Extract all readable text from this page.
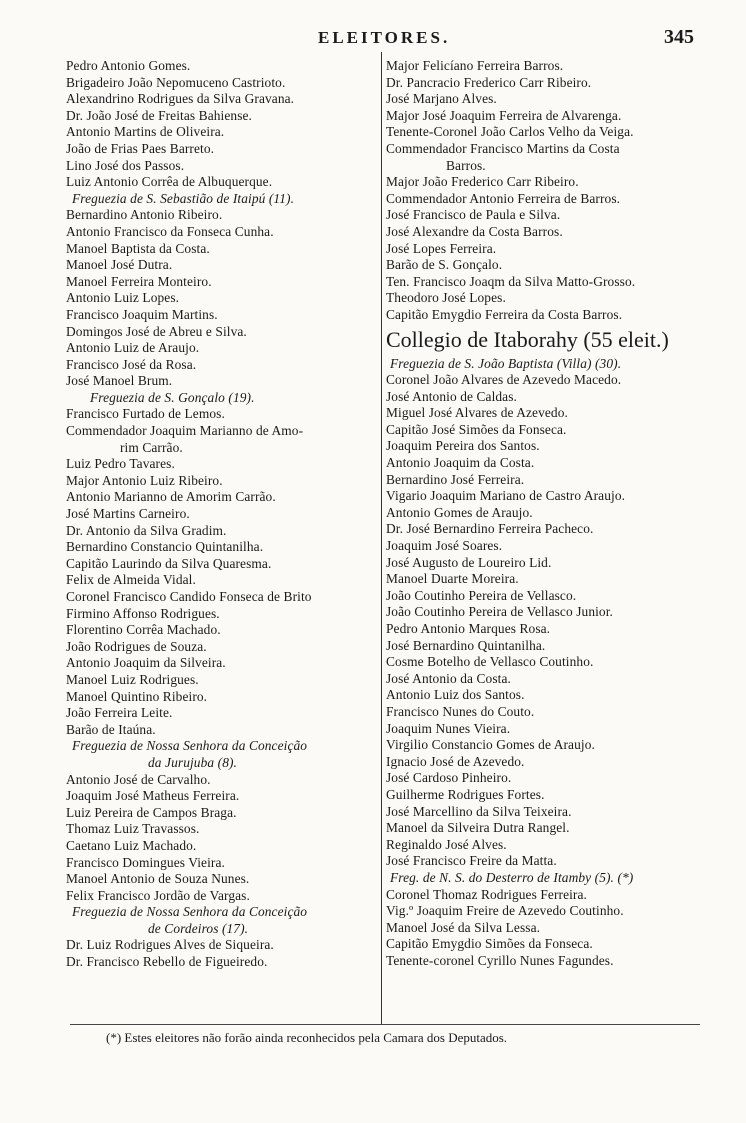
ELEITORES.	345
Pedro Antonio Gomes.
Brigadeiro João Nepomuceno Castrioto.
Alexandrino Rodrigues da Silva Gravana.
Dr. João José de Freitas Bahiense.
Antonio Martins de Oliveira.
João de Frias Paes Barreto.
Lino José dos Passos.
Luiz Antonio Corrêa de Albuquerque.
Freguezia de S. Sebastião de Itaipú (11).
Bernardino Antonio Ribeiro.
Antonio Francisco da Fonseca Cunha.
Manoel Baptista da Costa.
Manoel José Dutra.
Manoel Ferreira Monteiro.
Antonio Luiz Lopes.
Francisco Joaquim Martins.
Domingos José de Abreu e Silva.
Antonio Luiz de Araujo.
Francisco José da Rosa.
José Manoel Brum.
Freguezia de S. Gonçalo (19).
Francisco Furtado de Lemos.
Commendador Joaquim Marianno de Amo-
rim Carrão.
Luiz Pedro Tavares.
Major Antonio Luiz Ribeiro.
Antonio Marianno de Amorim Carrão.
José Martins Carneiro.
Dr. Antonio da Silva Gradim.
Bernardino Constancio Quintanilha.
Capitão Laurindo da Silva Quaresma.
Felix de Almeida Vidal.
Coronel Francisco Candido Fonseca de Brito
Firmino Affonso Rodrigues.
Florentino Corrêa Machado.
João Rodrigues de Souza.
Antonio Joaquim da Silveira.
Manoel Luiz Rodrigues.
Manoel Quintino Ribeiro.
João Ferreira Leite.
Barão de Itaúna.
Freguezia de Nossa Senhora da Conceição
da Jurujuba (8).
Antonio José de Carvalho.
Joaquim José Matheus Ferreira.
Luiz Pereira de Campos Braga.
Thomaz Luiz Travassos.
Caetano Luiz Machado.
Francisco Domingues Vieira.
Manoel Antonio de Souza Nunes.
Felix Francisco Jordão de Vargas.
Freguezia de Nossa Senhora da Conceição
de Cordeiros (17).
Dr. Luiz Rodrigues Alves de Siqueira.
Dr. Francisco Rebello de Figueiredo.
Major Felicíano Ferreira Barros.
Dr. Pancracio Frederico Carr Ribeiro.
José Marjano Alves.
Major José Joaquim Ferreira de Alvarenga.
Tenente-Coronel João Carlos Velho da Veiga.
Commendador Francisco Martins da Costa
Barros.
Major João Frederico Carr Ribeiro.
Commendador Antonio Ferreira de Barros.
José Francisco de Paula e Silva.
José Alexandre da Costa Barros.
José Lopes Ferreira.
Barão de S. Gonçalo.
Ten. Francisco Joaqm da Silva Matto-Grosso.
Theodoro José Lopes.
Capitão Emygdio Ferreira da Costa Barros.
Collegio de Itaborahy (55 eleit.)
Freguezia de S. João Baptista (Villa) (30).
Coronel João Alvares de Azevedo Macedo.
José Antonio de Caldas.
Miguel José Alvares de Azevedo.
Capitão José Simões da Fonseca.
Joaquim Pereira dos Santos.
Antonio Joaquim da Costa.
Bernardino José Ferreira.
Vigario Joaquim Mariano de Castro Araujo.
Antonio Gomes de Araujo.
Dr. José Bernardino Ferreira Pacheco.
Joaquim José Soares.
José Augusto de Loureiro Lid.
Manoel Duarte Moreira.
João Coutinho Pereira de Vellasco.
João Coutinho Pereira de Vellasco Junior.
Pedro Antonio Marques Rosa.
José Bernardino Quintanilha.
Cosme Botelho de Vellasco Coutinho.
José Antonio da Costa.
Antonio Luiz dos Santos.
Francisco Nunes do Couto.
Joaquim Nunes Vieira.
Virgilio Constancio Gomes de Araujo.
Ignacio José de Azevedo.
José Cardoso Pinheiro.
Guilherme Rodrigues Fortes.
José Marcellino da Silva Teixeira.
Manoel da Silveira Dutra Rangel.
Reginaldo José Alves.
José Francisco Freire da Matta.
Freg. de N. S. do Desterro de Itamby (5). (*)
Coronel Thomaz Rodrigues Ferreira.
Vig.º Joaquim Freire de Azevedo Coutinho.
Manoel José da Silva Lessa.
Capitão Emygdio Simões da Fonseca.
Tenente-coronel Cyrillo Nunes Fagundes.
(*) Estes eleitores não forão ainda reconhecidos pela Camara dos Deputados.
